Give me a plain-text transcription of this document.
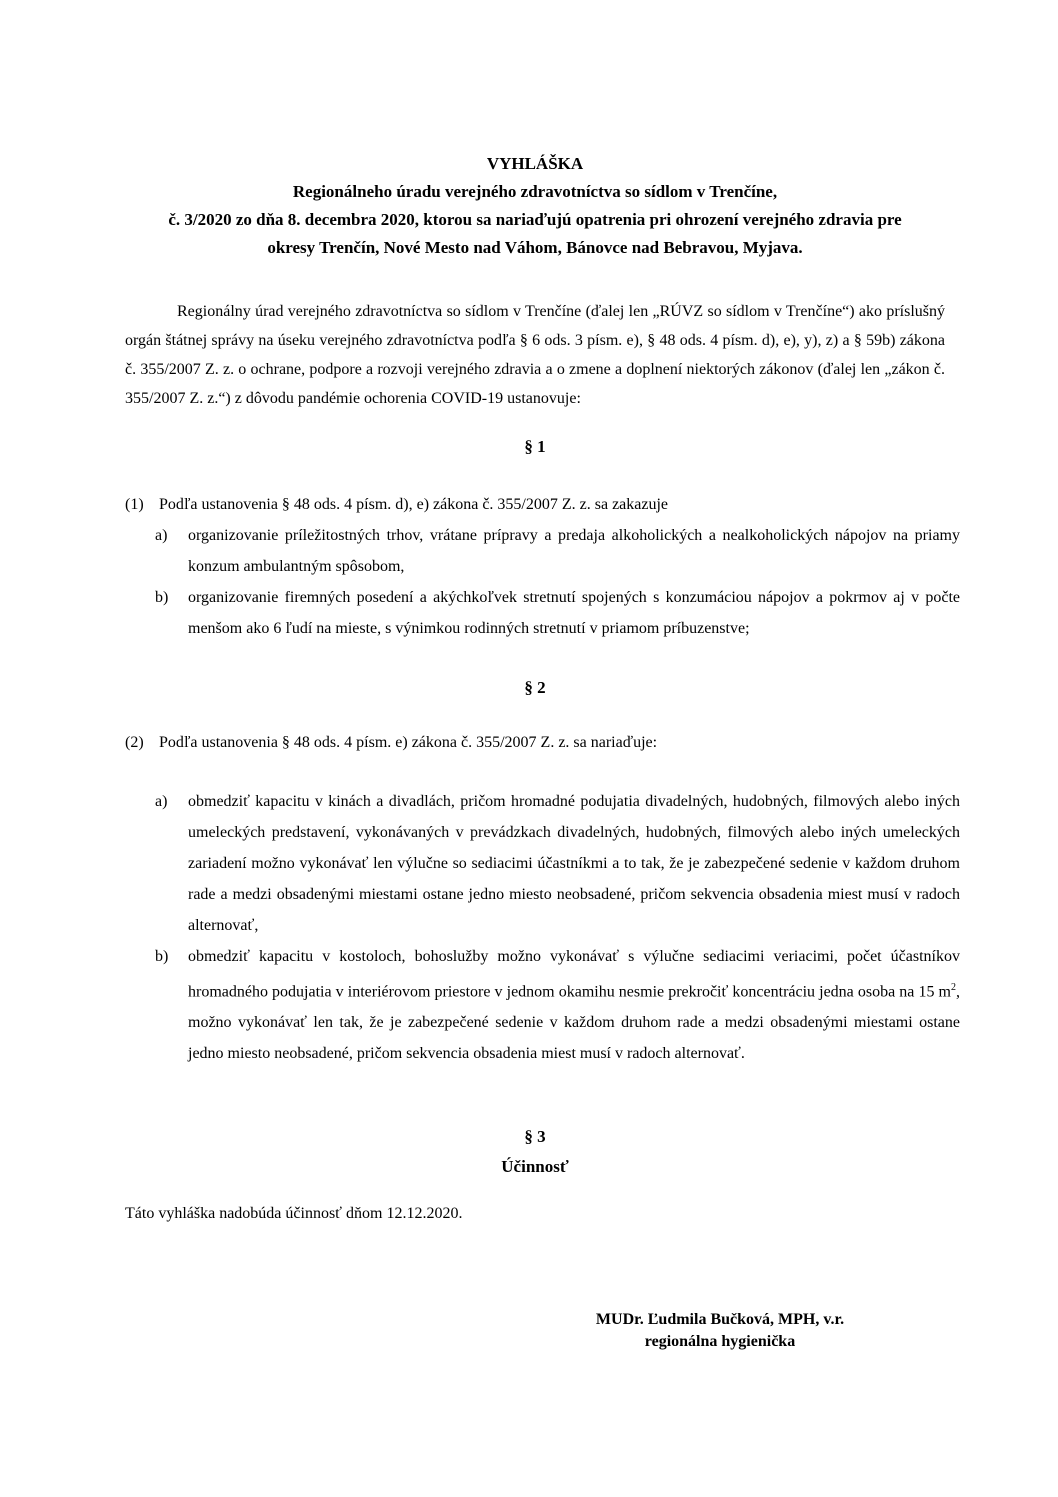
VYHLÁŠKA
Regionálneho úradu verejného zdravotníctva so sídlom v Trenčíne,
č. 3/2020 zo dňa 8. decembra 2020, ktorou sa nariaďujú opatrenia pri ohrození verejného zdravia pre
okresy Trenčín, Nové Mesto nad Váhom, Bánovce nad Bebravou, Myjava.
Regionálny úrad verejného zdravotníctva so sídlom v Trenčíne (ďalej len „RÚVZ so sídlom v Trenčíne“) ako príslušný orgán štátnej správy na úseku verejného zdravotníctva podľa § 6 ods. 3 písm. e), § 48 ods. 4 písm. d), e), y), z) a § 59b) zákona č. 355/2007 Z. z. o ochrane, podpore a rozvoji verejného zdravia a o zmene a doplnení niektorých zákonov (ďalej len „zákon č. 355/2007 Z. z.“) z dôvodu pandémie ochorenia COVID-19 ustanovuje:
§ 1
(1) Podľa ustanovenia § 48 ods. 4 písm. d), e) zákona č. 355/2007 Z. z. sa zakazuje
a)	organizovanie príležitostných trhov, vrátane prípravy a predaja alkoholických a nealkoholických nápojov na priamy konzum ambulantným spôsobom,
b)	organizovanie firemných posedení a akýchkoľvek stretnutí spojených s konzumáciou nápojov a pokrmov aj v počte menšom ako 6 ľudí na mieste, s výnimkou rodinných stretnutí v priamom príbuzenstve;
§ 2
(2) Podľa ustanovenia § 48 ods. 4 písm. e) zákona č. 355/2007 Z. z. sa nariaďuje:
a)	obmedziť kapacitu v kinách a divadlách, pričom hromadné podujatia divadelných, hudobných, filmových alebo iných umeleckých predstavení, vykonávaných v prevádzkach divadelných, hudobných, filmových alebo iných umeleckých zariadení možno vykonávať len výlučne so sediacimi účastníkmi a to tak, že je zabezpečené sedenie v každom druhom rade a medzi obsadenými miestami ostane jedno miesto neobsadené, pričom sekvencia obsadenia miest musí v radoch alternovať,
b)	obmedziť kapacitu v kostoloch, bohoslužby možno vykonávať s výlučne sediacimi veriacimi, počet účastníkov hromadného podujatia v interiérovom priestore v jednom okamihu nesmie prekročiť koncentráciu jedna osoba na 15 $m^2$, možno vykonávať len tak, že je zabezpečené sedenie v každom druhom rade a medzi obsadenými miestami ostane jedno miesto neobsadené, pričom sekvencia obsadenia miest musí v radoch alternovať.
§ 3
Účinnosť
Táto vyhláška nadobúda účinnosť dňom 12.12.2020.
MUDr. Ľudmila Bučková, MPH, v.r.
regionálna hygienička
